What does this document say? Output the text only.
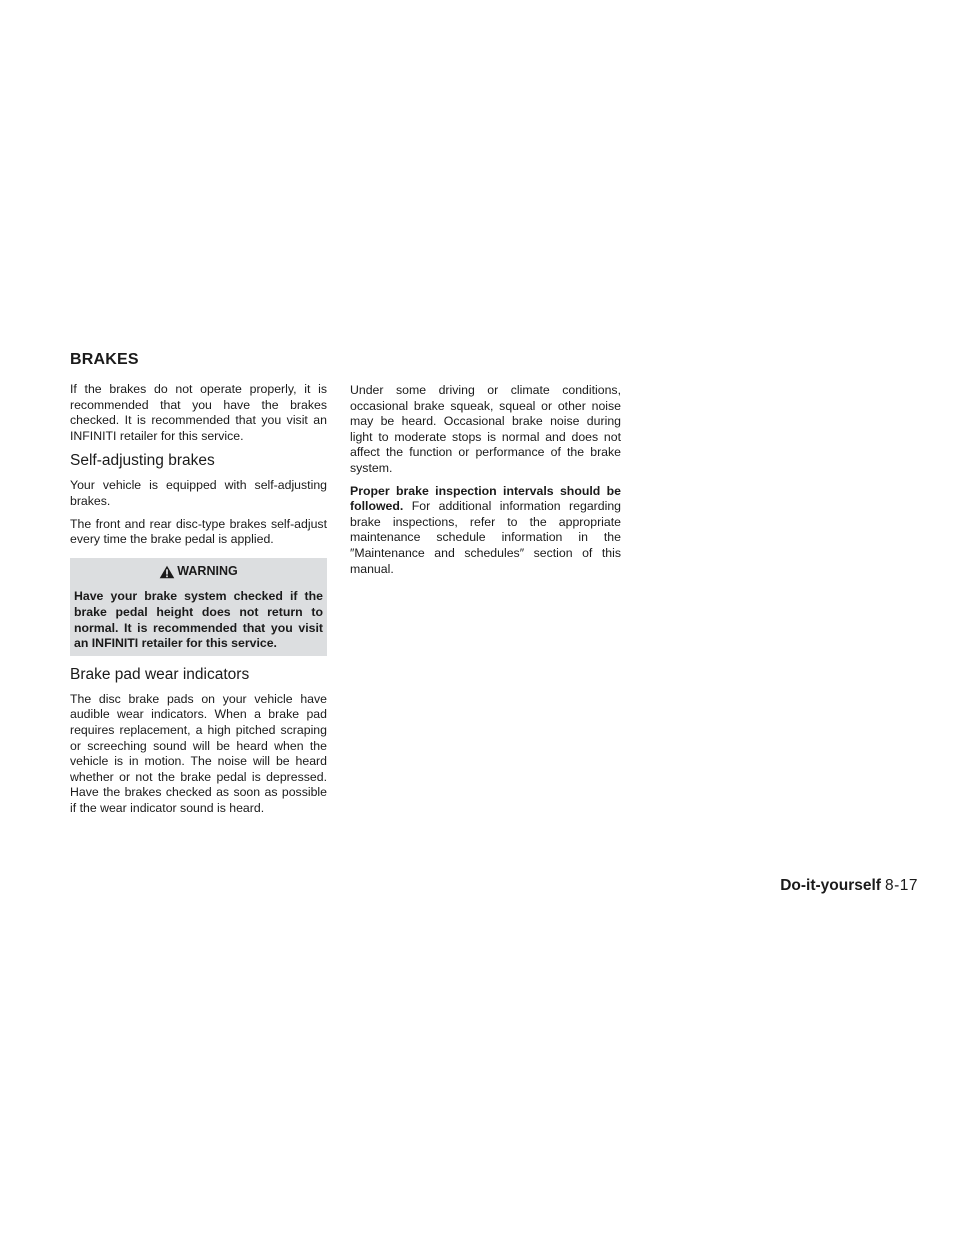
BRAKES

If the brakes do not operate properly, it is recommended that you have the brakes checked. It is recommended that you visit an INFINITI retailer for this service.

Self-adjusting brakes

Your vehicle is equipped with self-adjusting brakes.

The front and rear disc-type brakes self-adjust every time the brake pedal is applied.

WARNING

Have your brake system checked if the brake pedal height does not return to normal. It is recommended that you visit an INFINITI retailer for this service.

Brake pad wear indicators

The disc brake pads on your vehicle have audible wear indicators. When a brake pad requires replacement, a high pitched scraping or screeching sound will be heard when the vehicle is in motion. The noise will be heard whether or not the brake pedal is depressed. Have the brakes checked as soon as possible if the wear indicator sound is heard.

Under some driving or climate conditions, occasional brake squeak, squeal or other noise may be heard. Occasional brake noise during light to moderate stops is normal and does not affect the function or performance of the brake system.

Proper brake inspection intervals should be followed. For additional information regarding brake inspections, refer to the appropriate maintenance schedule information in the ″Maintenance and schedules″ section of this manual.

Do-it-yourself 8-17
